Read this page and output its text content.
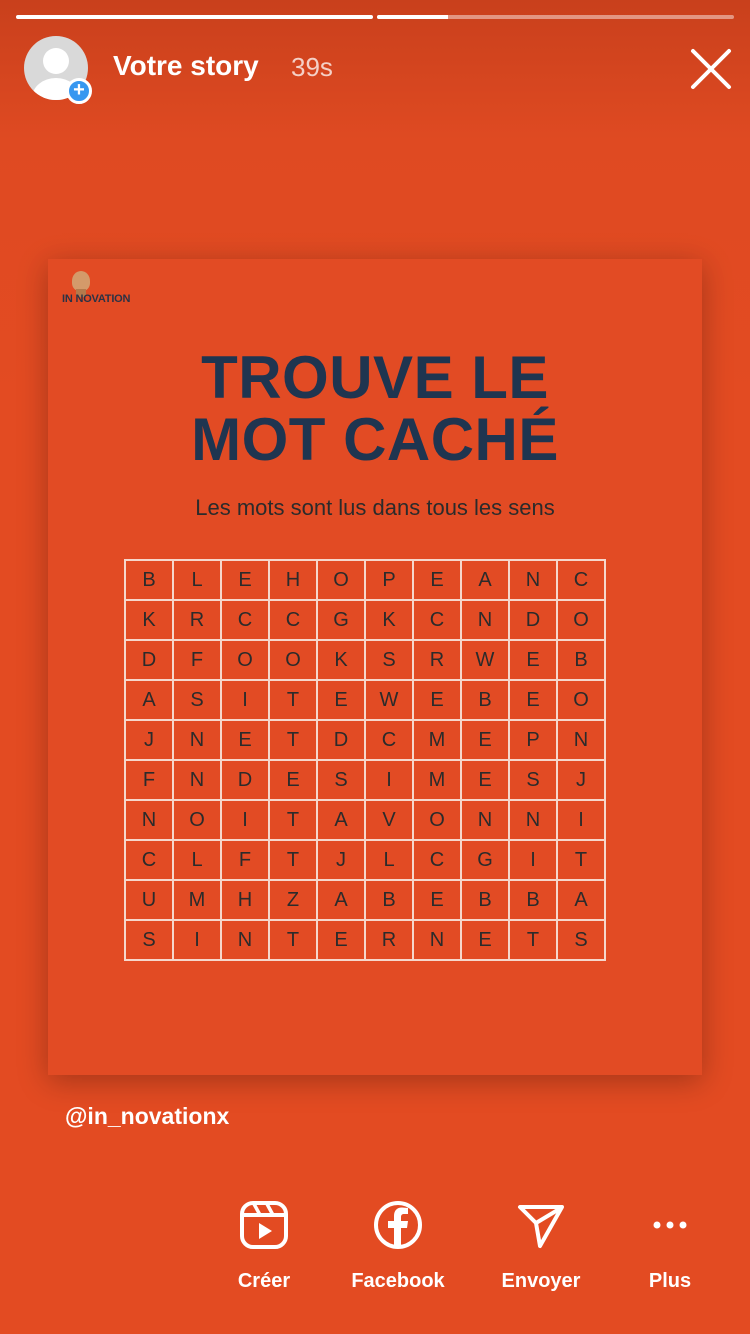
+
Votre story 39s
IN NOVATION
TROUVE LE
MOT CACHÉ
Les mots sont lus dans tous les sens
B	L	E	H	O	P	E	A	N	C
K	R	C	C	G	K	C	N	D	O
D	F	O	O	K	S	R	W	E	B
A	S	I	T	E	W	E	B	E	O
J	N	E	T	D	C	M	E	P	N
F	N	D	E	S	I	M	E	S	J
N	O	I	T	A	V	O	N	N	I
C	L	F	T	J	L	C	G	I	T
U	M	H	Z	A	B	E	B	B	A
S	I	N	T	E	R	N	E	T	S
@in_novationx
Créer	Facebook	Envoyer	Plus
